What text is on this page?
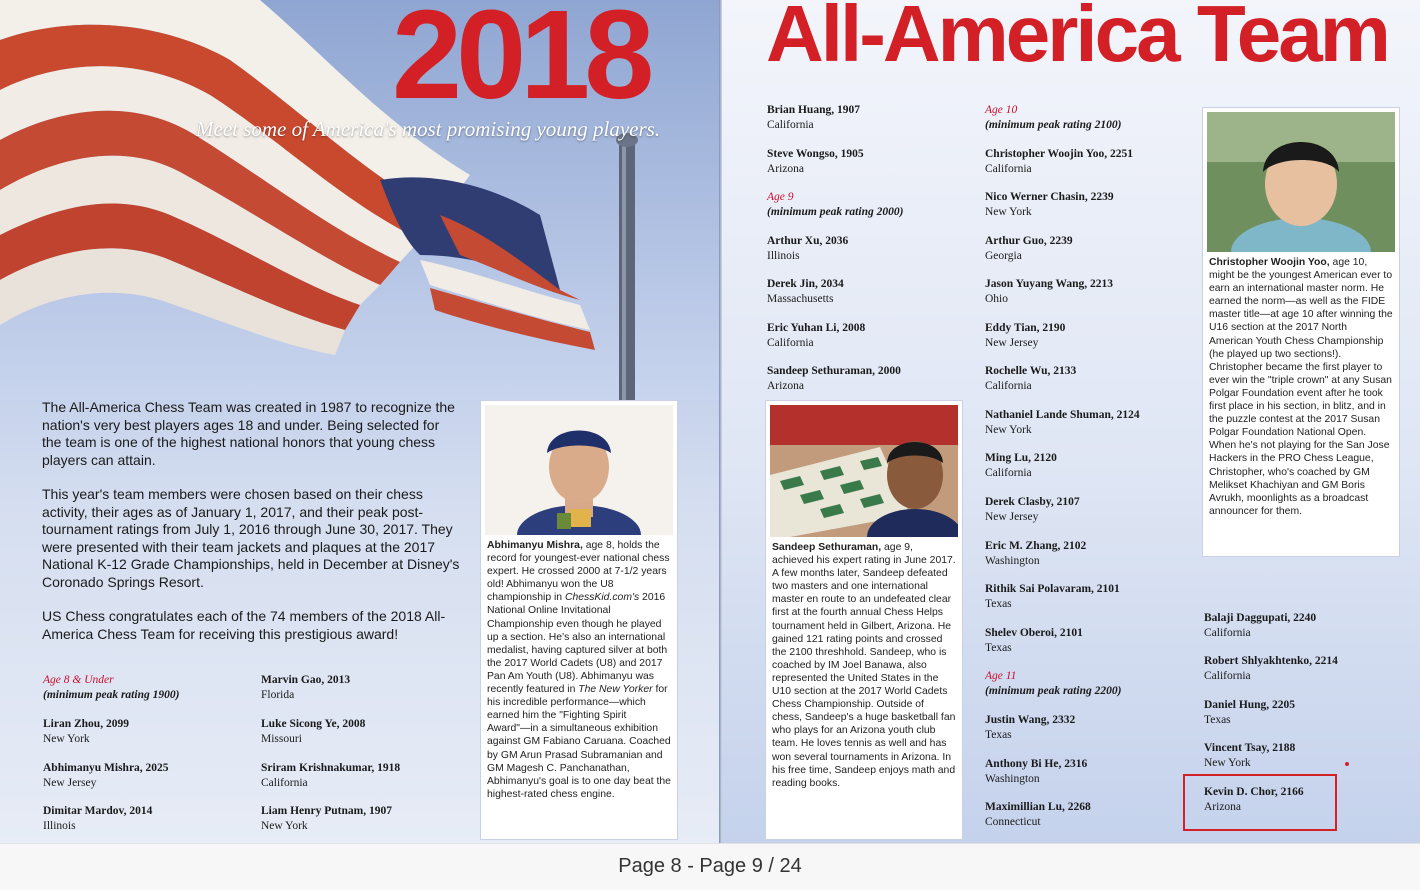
2018
Meet some of America's most promising young players.

The All-America Chess Team was created in 1987 to recognize the nation's very best players ages 18 and under. Being selected for the team is one of the highest national honors that young chess players can attain.

This year's team members were chosen based on their chess activity, their ages as of January 1, 2017, and their peak post-tournament ratings from July 1, 2016 through June 30, 2017. They were presented with their team jackets and plaques at the 2017 National K-12 Grade Championships, held in December at Disney's Coronado Springs Resort.

US Chess congratulates each of the 74 members of the 2018 All-America Chess Team for receiving this prestigious award!

Age 8 & Under
(minimum peak rating 1900)
Liran Zhou, 2099
New York
Abhimanyu Mishra, 2025
New Jersey
Dimitar Mardov, 2014
Illinois
Marvin Gao, 2013
Florida
Luke Sicong Ye, 2008
Missouri
Sriram Krishnakumar, 1918
California
Liam Henry Putnam, 1907
New York
Abhimanyu Mishra, age 8, holds the record for youngest-ever national chess expert. He crossed 2000 at 7-1/2 years old! Abhimanyu won the U8 championship in ChessKid.com's 2016 National Online Invitational Championship even though he played up a section. He's also an international medalist, having captured silver at both the 2017 World Cadets (U8) and 2017 Pan Am Youth (U8). Abhimanyu was recently featured in The New Yorker for his incredible performance—which earned him the "Fighting Spirit Award"—in a simultaneous exhibition against GM Fabiano Caruana. Coached by GM Arun Prasad Subramanian and GM Magesh C. Panchanathan, Abhimanyu's goal is to one day beat the highest-rated chess engine.
All-America Team
Brian Huang, 1907
California
Steve Wongso, 1905
Arizona
Age 9
(minimum peak rating 2000)
Arthur Xu, 2036
Illinois
Derek Jin, 2034
Massachusetts
Eric Yuhan Li, 2008
California
Sandeep Sethuraman, 2000
Arizona
Sandeep Sethuraman, age 9, achieved his expert rating in June 2017. A few months later, Sandeep defeated two masters and one international master en route to an undefeated clear first at the fourth annual Chess Helps tournament held in Gilbert, Arizona. He gained 121 rating points and crossed the 2100 threshhold. Sandeep, who is coached by IM Joel Banawa, also represented the United States in the U10 section at the 2017 World Cadets Chess Championship. Outside of chess, Sandeep's a huge basketball fan who plays for an Arizona youth club team. He loves tennis as well and has won several tournaments in Arizona. In his free time, Sandeep enjoys math and reading books.
Age 10
(minimum peak rating 2100)
Christopher Woojin Yoo, 2251
California
Nico Werner Chasin, 2239
New York
Arthur Guo, 2239
Georgia
Jason Yuyang Wang, 2213
Ohio
Eddy Tian, 2190
New Jersey
Rochelle Wu, 2133
California
Nathaniel Lande Shuman, 2124
New York
Ming Lu, 2120
California
Derek Clasby, 2107
New Jersey
Eric M. Zhang, 2102
Washington
Rithik Sai Polavaram, 2101
Texas
Shelev Oberoi, 2101
Texas
Age 11
(minimum peak rating 2200)
Justin Wang, 2332
Texas
Anthony Bi He, 2316
Washington
Maximillian Lu, 2268
Connecticut
Christopher Woojin Yoo, age 10, might be the youngest American ever to earn an international master norm. He earned the norm—as well as the FIDE master title—at age 10 after winning the U16 section at the 2017 North American Youth Chess Championship (he played up two sections!). Christopher became the first player to ever win the "triple crown" at any Susan Polgar Foundation event after he took first place in his section, in blitz, and in the puzzle contest at the 2017 Susan Polgar Foundation National Open. When he's not playing for the San Jose Hackers in the PRO Chess League, Christopher, who's coached by GM Melikset Khachiyan and GM Boris Avrukh, moonlights as a broadcast announcer for them.
Balaji Daggupati, 2240
California
Robert Shlyakhtenko, 2214
California
Daniel Hung, 2205
Texas
Vincent Tsay, 2188
New York
Kevin D. Chor, 2166
Arizona
Page 8 - Page 9 / 24
